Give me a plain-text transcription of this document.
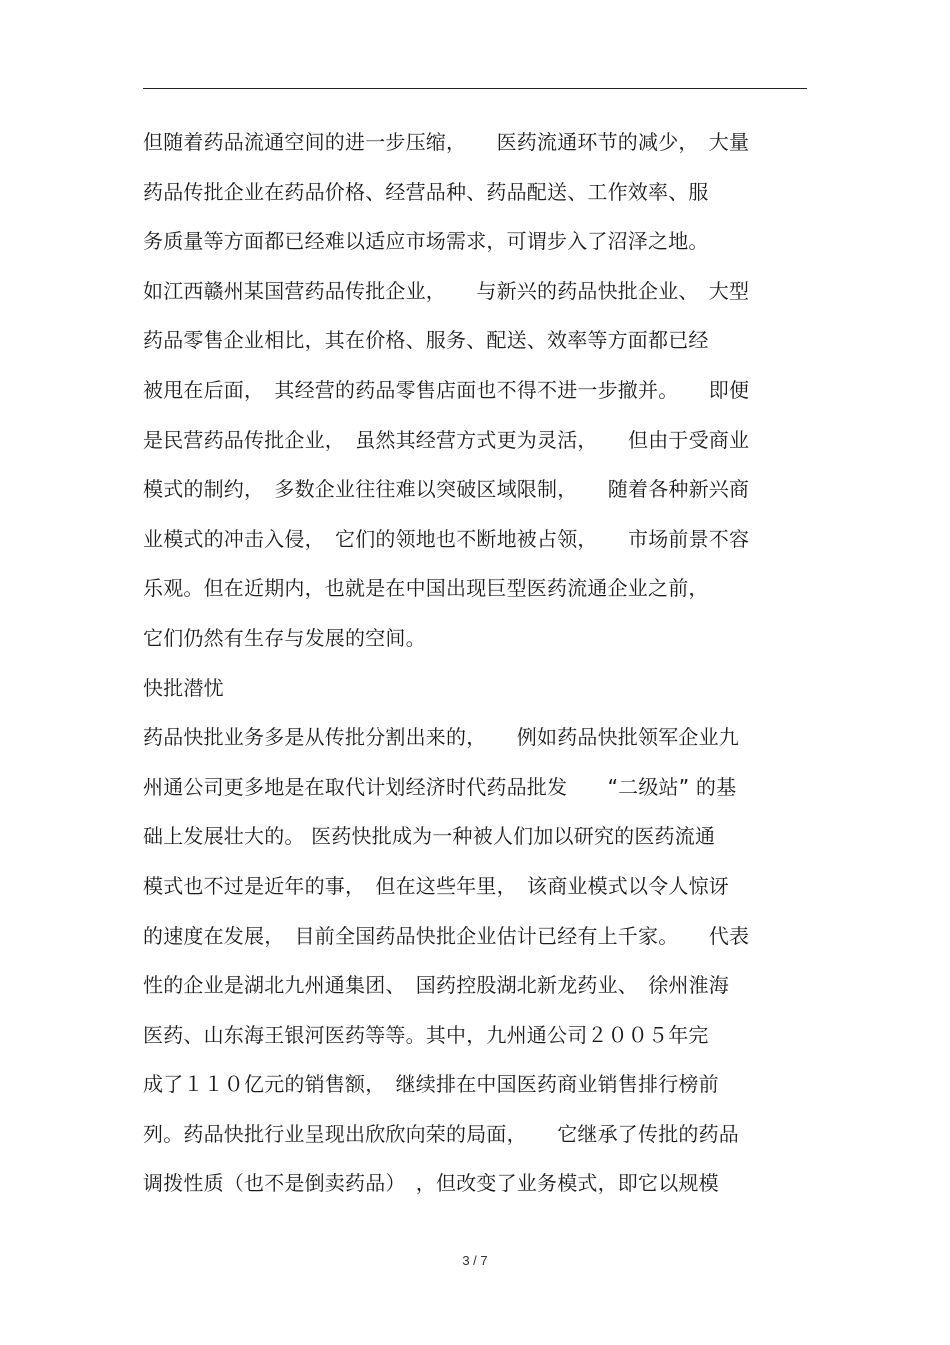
但随着药品流通空间的进一步压缩，　　医药流通环节的减少，　大量
药品传批企业在药品价格、经营品种、药品配送、工作效率、服
务质量等方面都已经难以适应市场需求，可谓步入了沼泽之地。
如江西赣州某国营药品传批企业，　　与新兴的药品快批企业、　大型
药品零售企业相比，其在价格、服务、配送、效率等方面都已经
被甩在后面，　其经营的药品零售店面也不得不进一步撤并。　　即便
是民营药品传批企业，　虽然其经营方式更为灵活，　　但由于受商业
模式的制约，　多数企业往往难以突破区域限制，　　随着各种新兴商
业模式的冲击入侵，　它们的领地也不断地被占领，　　市场前景不容
乐观。但在近期内，也就是在中国出现巨型医药流通企业之前，
它们仍然有生存与发展的空间。
快批潜忧
药品快批业务多是从传批分割出来的，　　例如药品快批领军企业九
州通公司更多地是在取代计划经济时代药品批发　　“二级站” 的基
础上发展壮大的。 医药快批成为一种被人们加以研究的医药流通
模式也不过是近年的事，　但在这些年里，　该商业模式以令人惊讶
的速度在发展，　目前全国药品快批企业估计已经有上千家。　　代表
性的企业是湖北九州通集团、　国药控股湖北新龙药业、　徐州淮海
医药、山东海王银河医药等等。其中，九州通公司２００５年完
成了１１０亿元的销售额，　继续排在中国医药商业销售排行榜前
列。药品快批行业呈现出欣欣向荣的局面，　　它继承了传批的药品
调拨性质（也不是倒卖药品）　，但改变了业务模式，即它以规模
3 / 7
